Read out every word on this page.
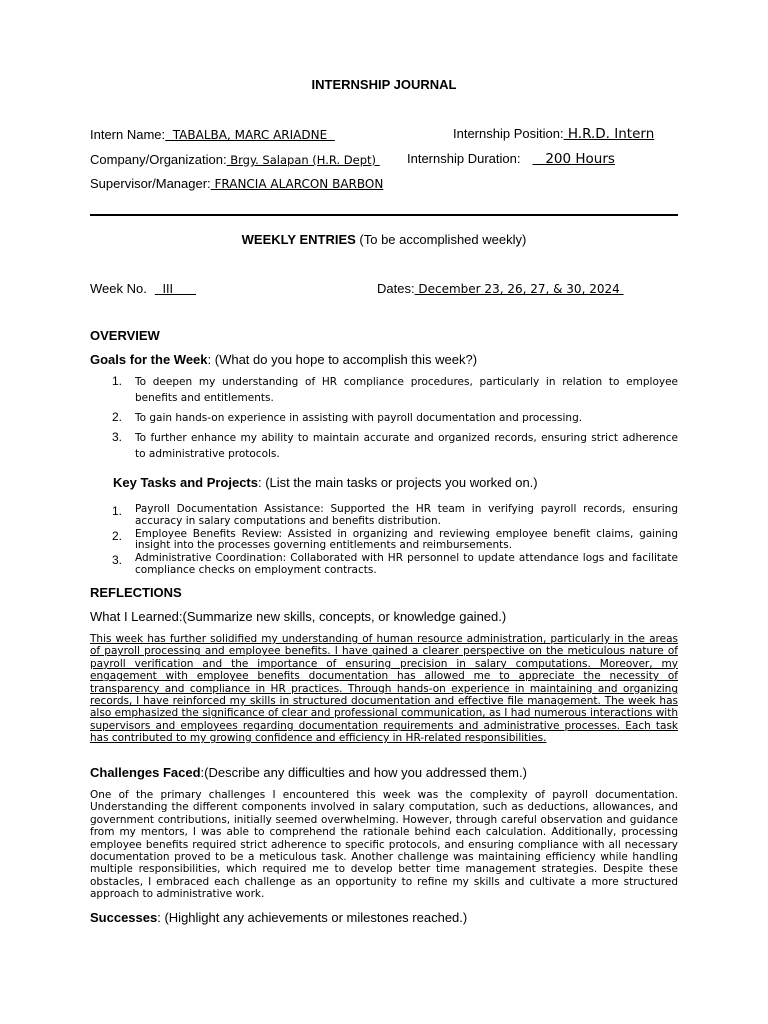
INTERNSHIP JOURNAL
Intern Name:  TABALBA, MARC ARIADNE	Internship Position: H.R.D. Intern
Company/Organization: Brgy. Salapan (H.R. Dept) Internship Duration:   200 Hours
Supervisor/Manager: FRANCIA ALARCON BARBON
WEEKLY ENTRIES (To be accomplished weekly)
Week No.  III	Dates: December 23, 26, 27, & 30, 2024
OVERVIEW
Goals for the Week: (What do you hope to accomplish this week?)
1. To deepen my understanding of HR compliance procedures, particularly in relation to employee benefits and entitlements.
2. To gain hands-on experience in assisting with payroll documentation and processing.
3. To further enhance my ability to maintain accurate and organized records, ensuring strict adherence to administrative protocols.
Key Tasks and Projects: (List the main tasks or projects you worked on.)
1. Payroll Documentation Assistance: Supported the HR team in verifying payroll records, ensuring accuracy in salary computations and benefits distribution.
2. Employee Benefits Review: Assisted in organizing and reviewing employee benefit claims, gaining insight into the processes governing entitlements and reimbursements.
3. Administrative Coordination: Collaborated with HR personnel to update attendance logs and facilitate compliance checks on employment contracts.
REFLECTIONS
What I Learned:(Summarize new skills, concepts, or knowledge gained.)

This week has further solidified my understanding of human resource administration, particularly in the areas of payroll processing and employee benefits. I have gained a clearer perspective on the meticulous nature of payroll verification and the importance of ensuring precision in salary computations. Moreover, my engagement with employee benefits documentation has allowed me to appreciate the necessity of transparency and compliance in HR practices. Through hands-on experience in maintaining and organizing records, I have reinforced my skills in structured documentation and effective file management. The week has also emphasized the significance of clear and professional communication, as I had numerous interactions with supervisors and employees regarding documentation requirements and administrative processes. Each task has contributed to my growing confidence and efficiency in HR-related responsibilities.

Challenges Faced:(Describe any difficulties and how you addressed them.)

One of the primary challenges I encountered this week was the complexity of payroll documentation. Understanding the different components involved in salary computation, such as deductions, allowances, and government contributions, initially seemed overwhelming. However, through careful observation and guidance from my mentors, I was able to comprehend the rationale behind each calculation. Additionally, processing employee benefits required strict adherence to specific protocols, and ensuring compliance with all necessary documentation proved to be a meticulous task. Another challenge was maintaining efficiency while handling multiple responsibilities, which required me to develop better time management strategies. Despite these obstacles, I embraced each challenge as an opportunity to refine my skills and cultivate a more structured approach to administrative work.

Successes: (Highlight any achievements or milestones reached.)
